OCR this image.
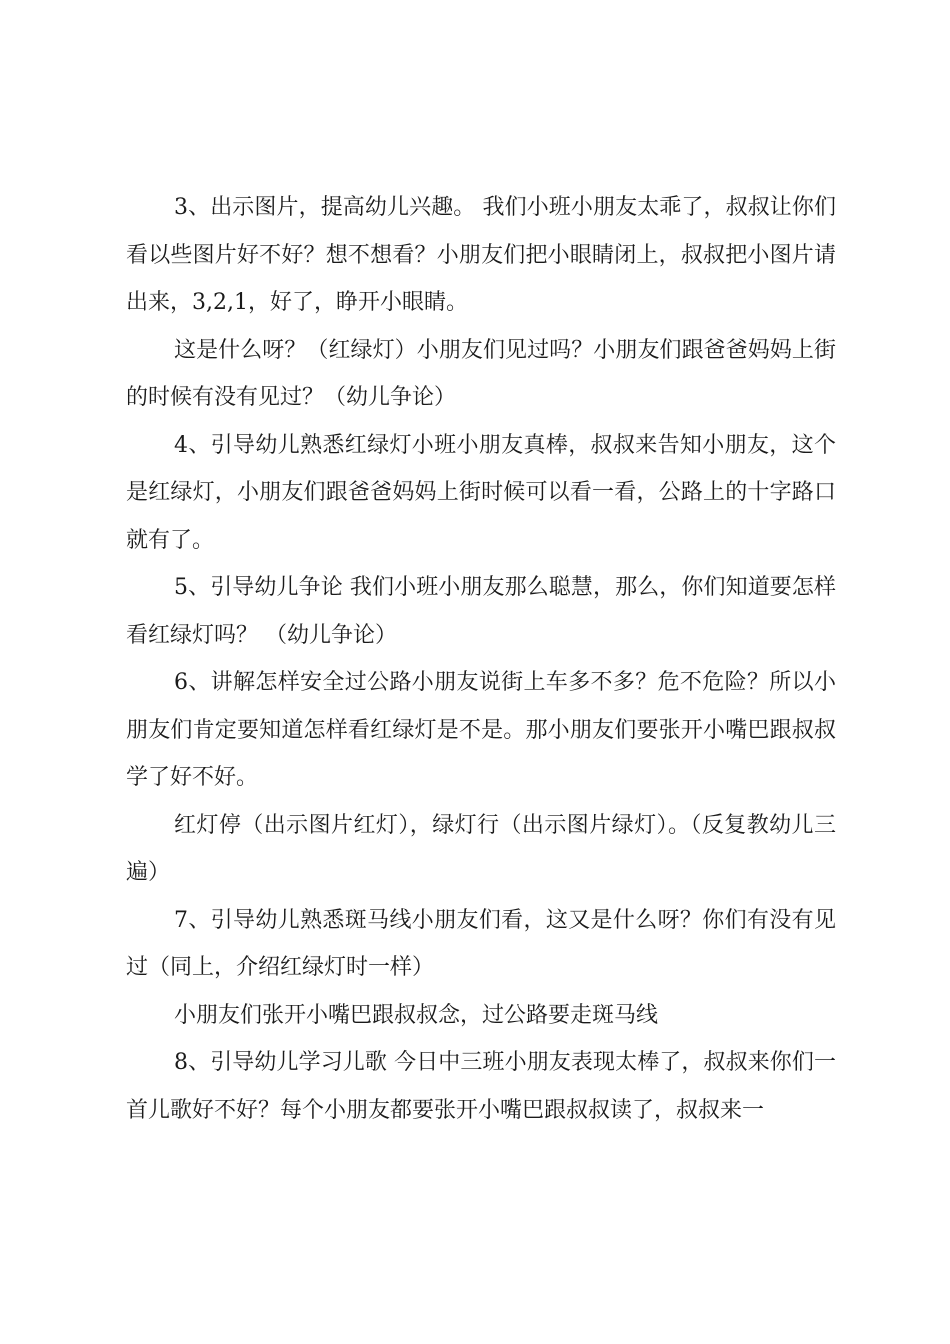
3、出示图片，提高幼儿兴趣。 我们小班小朋友太乖了，叔叔让你们看以些图片好不好？想不想看？小朋友们把小眼睛闭上，叔叔把小图片请出来，3,2,1，好了，睁开小眼睛。

这是什么呀？（红绿灯）小朋友们见过吗？小朋友们跟爸爸妈妈上街的时候有没有见过？（幼儿争论）

4、引导幼儿熟悉红绿灯小班小朋友真棒，叔叔来告知小朋友，这个是红绿灯，小朋友们跟爸爸妈妈上街时候可以看一看，公路上的十字路口就有了。

5、引导幼儿争论 我们小班小朋友那么聪慧，那么，你们知道要怎样看红绿灯吗？ （幼儿争论）

6、讲解怎样安全过公路小朋友说街上车多不多？危不危险？所以小朋友们肯定要知道怎样看红绿灯是不是。那小朋友们要张开小嘴巴跟叔叔学了好不好。

红灯停（出示图片红灯），绿灯行（出示图片绿灯）。（反复教幼儿三遍）

7、引导幼儿熟悉斑马线小朋友们看，这又是什么呀？你们有没有见过（同上，介绍红绿灯时一样）

小朋友们张开小嘴巴跟叔叔念，过公路要走斑马线

8、引导幼儿学习儿歌 今日中三班小朋友表现太棒了，叔叔来你们一首儿歌好不好？每个小朋友都要张开小嘴巴跟叔叔读了，叔叔来一
